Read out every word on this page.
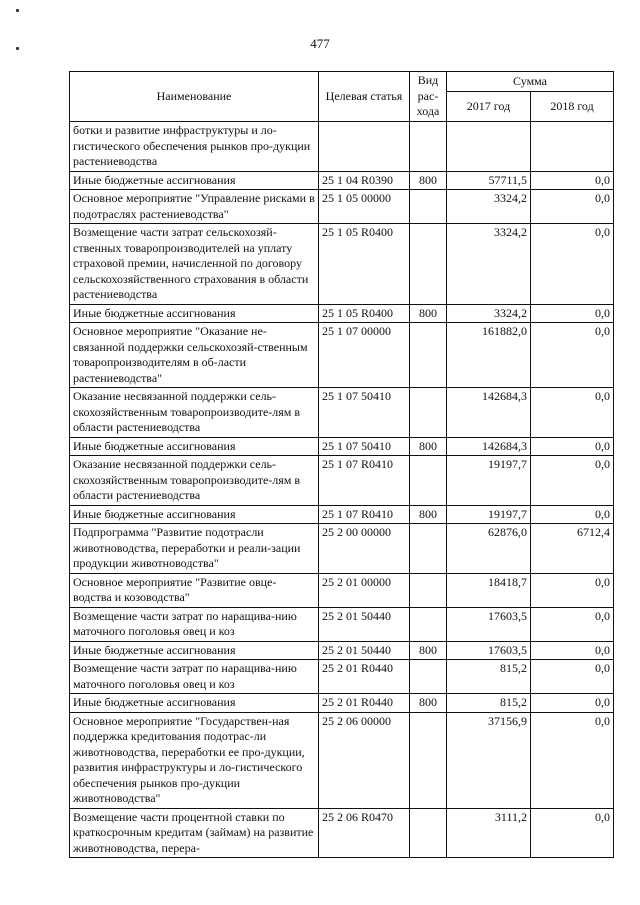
477
Наименование	Целевая статья	Вид рас-хода	Сумма	
			2017 год	2018 год
ботки и развитие инфраструктуры и ло-гистического обеспечения рынков про-дукции растениеводства				
Иные бюджетные ассигнования	25 1 04 R0390	800	57711,5	0,0
Основное мероприятие "Управление рисками в подотраслях растениеводства"	25 1 05 00000		3324,2	0,0
Возмещение части затрат сельскохозяй-ственных товаропроизводителей на уплату страховой премии, начисленной по договору сельскохозяйственного страхования в области растениеводства	25 1 05 R0400		3324,2	0,0
Иные бюджетные ассигнования	25 1 05 R0400	800	3324,2	0,0
Основное мероприятие "Оказание не-связанной поддержки сельскохозяй-ственным товаропроизводителям в об-ласти растениеводства"	25 1 07 00000		161882,0	0,0
Оказание несвязанной поддержки сель-скохозяйственным товаропроизводите-лям в области растениеводства	25 1 07 50410		142684,3	0,0
Иные бюджетные ассигнования	25 1 07 50410	800	142684,3	0,0
Оказание несвязанной поддержки сель-скохозяйственным товаропроизводите-лям в области растениеводства	25 1 07 R0410		19197,7	0,0
Иные бюджетные ассигнования	25 1 07 R0410	800	19197,7	0,0
Подпрограмма "Развитие подотрасли животноводства, переработки и реали-зации продукции животноводства"	25 2 00 00000		62876,0	6712,4
Основное мероприятие "Развитие овце-водства и козоводства"	25 2 01 00000		18418,7	0,0
Возмещение части затрат по наращива-нию маточного поголовья овец и коз	25 2 01 50440		17603,5	0,0
Иные бюджетные ассигнования	25 2 01 50440	800	17603,5	0,0
Возмещение части затрат по наращива-нию маточного поголовья овец и коз	25 2 01 R0440		815,2	0,0
Иные бюджетные ассигнования	25 2 01 R0440	800	815,2	0,0
Основное мероприятие "Государствен-ная поддержка кредитования подотрас-ли животноводства, переработки ее про-дукции, развития инфраструктуры и ло-гистического обеспечения рынков про-дукции животноводства"	25 2 06 00000		37156,9	0,0
Возмещение части процентной ставки по краткосрочным кредитам (займам) на развитие животноводства, перера-	25 2 06 R0470		3111,2	0,0
